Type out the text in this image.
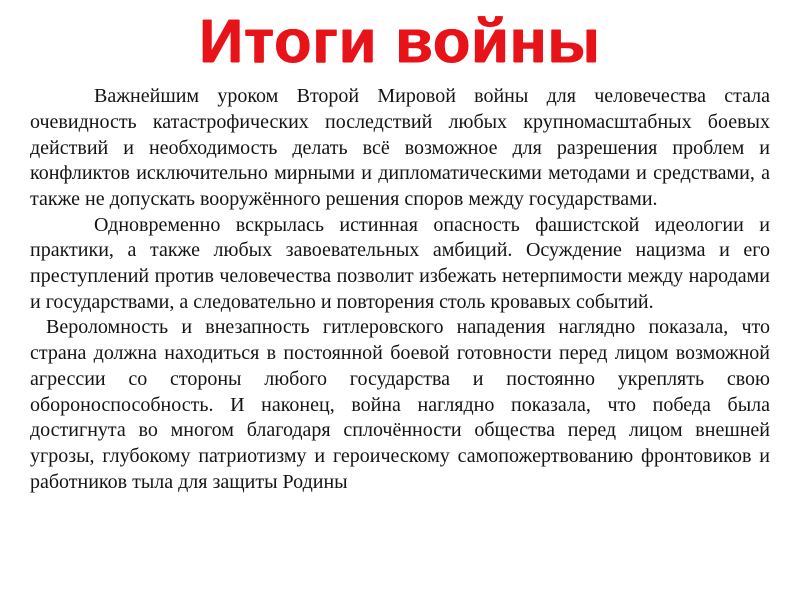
Итоги войны

Важнейшим уроком Второй Мировой войны для человечества стала очевидность катастрофических последствий любых крупномасштабных боевых действий и необходимость делать всё возможное для разрешения проблем и конфликтов исключительно мирными и дипломатическими методами и средствами, а также не допускать вооружённого решения споров между государствами.

Одновременно вскрылась истинная опасность фашистской идеологии и практики, а также любых завоевательных амбиций. Осуждение нацизма и его преступлений против человечества позволит избежать нетерпимости между народами и государствами, а следовательно и повторения столь кровавых событий.

Вероломность и внезапность гитлеровского нападения наглядно показала, что страна должна находиться в постоянной боевой готовности перед лицом возможной агрессии со стороны любого государства и постоянно укреплять свою обороноспособность. И наконец, война наглядно показала, что победа была достигнута во многом благодаря сплочённости общества перед лицом внешней угрозы, глубокому патриотизму и героическому самопожертвованию фронтовиков и работников тыла для защиты Родины
